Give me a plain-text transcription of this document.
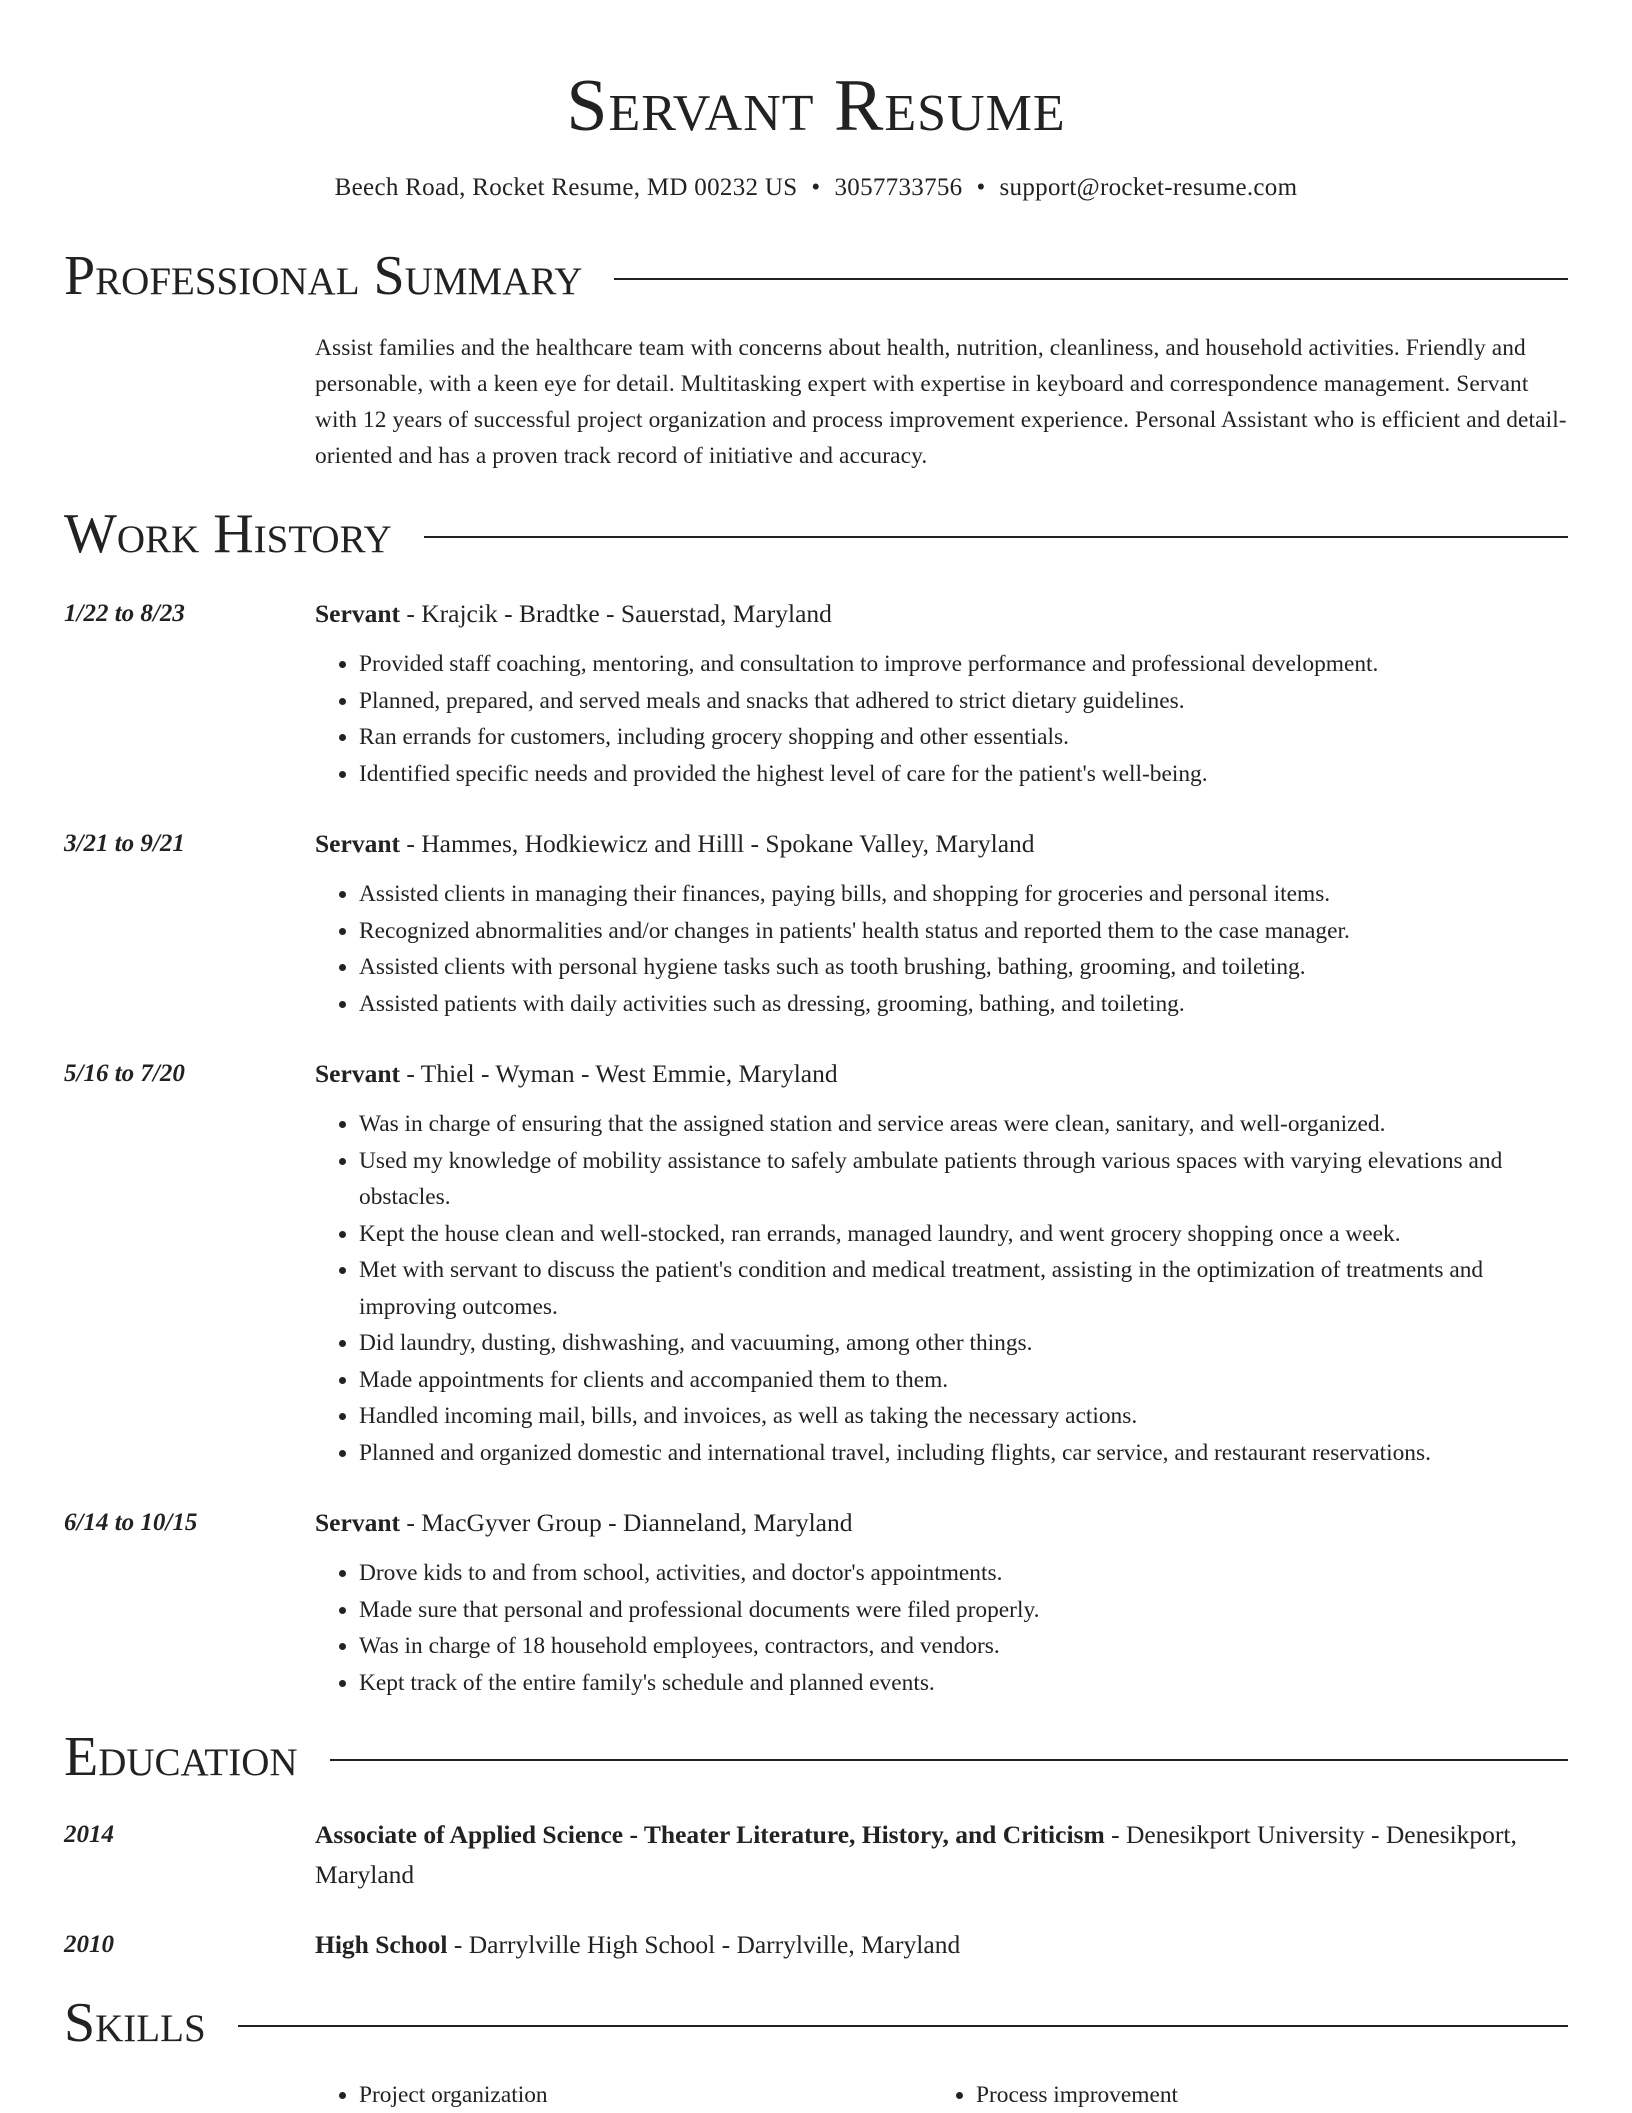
Servant Resume
Beech Road, Rocket Resume, MD 00232 US • 3057733756 • support@rocket-resume.com
Professional Summary

Assist families and the healthcare team with concerns about health, nutrition, cleanliness, and household activities. Friendly and personable, with a keen eye for detail. Multitasking expert with expertise in keyboard and correspondence management. Servant with 12 years of successful project organization and process improvement experience. Personal Assistant who is efficient and detail-oriented and has a proven track record of initiative and accuracy.

Work History
1/22 to 8/23	Servant - Krajcik - Bradtke - Sauerstad, Maryland
• Provided staff coaching, mentoring, and consultation to improve performance and professional development.
• Planned, prepared, and served meals and snacks that adhered to strict dietary guidelines.
• Ran errands for customers, including grocery shopping and other essentials.
• Identified specific needs and provided the highest level of care for the patient's well-being.
3/21 to 9/21	Servant - Hammes, Hodkiewicz and Hilll - Spokane Valley, Maryland
• Assisted clients in managing their finances, paying bills, and shopping for groceries and personal items.
• Recognized abnormalities and/or changes in patients' health status and reported them to the case manager.
• Assisted clients with personal hygiene tasks such as tooth brushing, bathing, grooming, and toileting.
• Assisted patients with daily activities such as dressing, grooming, bathing, and toileting.
5/16 to 7/20	Servant - Thiel - Wyman - West Emmie, Maryland
• Was in charge of ensuring that the assigned station and service areas were clean, sanitary, and well-organized.
• Used my knowledge of mobility assistance to safely ambulate patients through various spaces with varying elevations and obstacles.
• Kept the house clean and well-stocked, ran errands, managed laundry, and went grocery shopping once a week.
• Met with servant to discuss the patient's condition and medical treatment, assisting in the optimization of treatments and improving outcomes.
• Did laundry, dusting, dishwashing, and vacuuming, among other things.
• Made appointments for clients and accompanied them to them.
• Handled incoming mail, bills, and invoices, as well as taking the necessary actions.
• Planned and organized domestic and international travel, including flights, car service, and restaurant reservations.
6/14 to 10/15	Servant - MacGyver Group - Dianneland, Maryland
• Drove kids to and from school, activities, and doctor's appointments.
• Made sure that personal and professional documents were filed properly.
• Was in charge of 18 household employees, contractors, and vendors.
• Kept track of the entire family's schedule and planned events.
Education
2014	Associate of Applied Science - Theater Literature, History, and Criticism - Denesikport University - Denesikport, Maryland
2010	High School - Darrylville High School - Darrylville, Maryland
Skills
• Project organization
•	Process improvement
